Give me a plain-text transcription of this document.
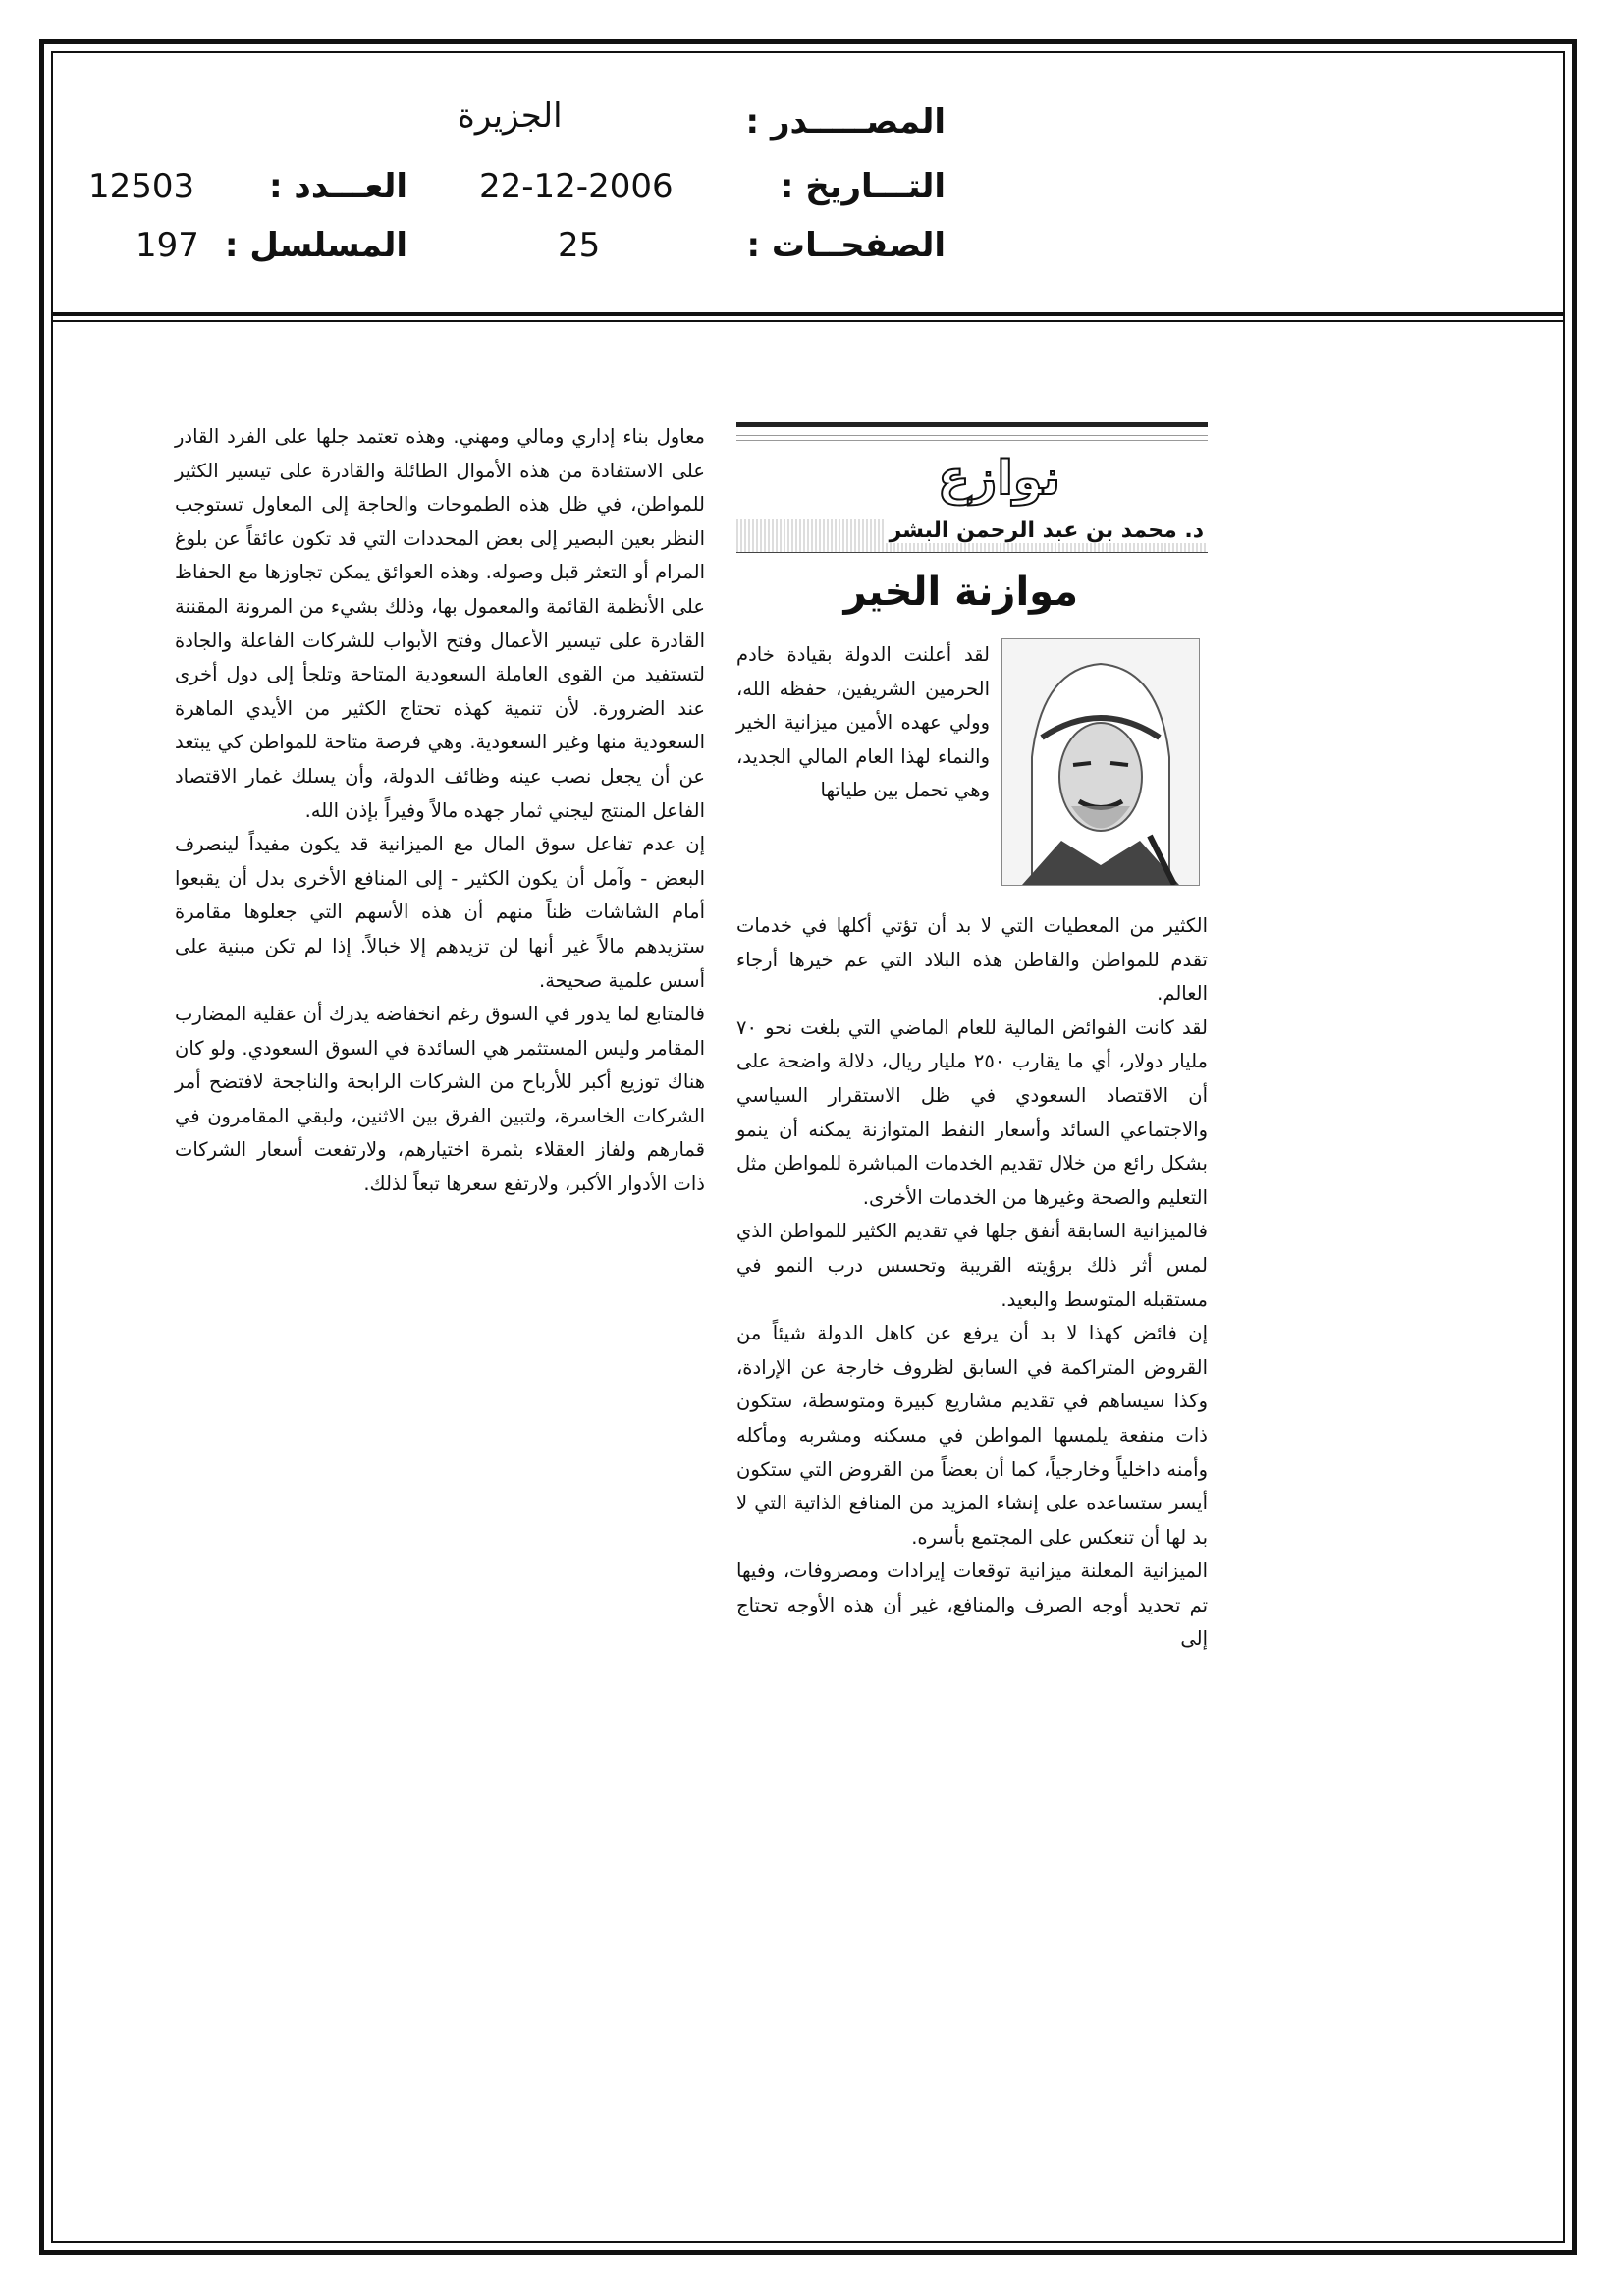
المصـــــدر :
الجزيرة
التـــاريخ :
22-12-2006
العـــدد :
12503
الصفحــات :
25
المسلسل :
197
نوازع
د. محمد بن عبد الرحمن البشر
موازنة الخير

لقد أعلنت الدولة بقيادة خادم الحرمين الشريفين، حفظه الله، وولي عهده الأمين ميزانية الخير والنماء لهذا العام المالي الجديد، وهي تحمل بين طياتها

الكثير من المعطيات التي لا بد أن تؤتي أكلها في خدمات تقدم للمواطن والقاطن هذه البلاد التي عم خيرها أرجاء العالم.

لقد كانت الفوائض المالية للعام الماضي التي بلغت نحو ٧٠ مليار دولار، أي ما يقارب ٢٥٠ مليار ريال، دلالة واضحة على أن الاقتصاد السعودي في ظل الاستقرار السياسي والاجتماعي السائد وأسعار النفط المتوازنة يمكنه أن ينمو بشكل رائع من خلال تقديم الخدمات المباشرة للمواطن مثل التعليم والصحة وغيرها من الخدمات الأخرى.

فالميزانية السابقة أنفق جلها في تقديم الكثير للمواطن الذي لمس أثر ذلك برؤيته القريبة وتحسس درب النمو في مستقبله المتوسط والبعيد.

إن فائض كهذا لا بد أن يرفع عن كاهل الدولة شيئاً من القروض المتراكمة في السابق لظروف خارجة عن الإرادة، وكذا سيساهم في تقديم مشاريع كبيرة ومتوسطة، ستكون ذات منفعة يلمسها المواطن في مسكنه ومشربه ومأكله وأمنه داخلياً وخارجياً، كما أن بعضاً من القروض التي ستكون أيسر ستساعده على إنشاء المزيد من المنافع الذاتية التي لا بد لها أن تنعكس على المجتمع بأسره.

الميزانية المعلنة ميزانية توقعات إيرادات ومصروفات، وفيها تم تحديد أوجه الصرف والمنافع، غير أن هذه الأوجه تحتاج إلى

معاول بناء إداري ومالي ومهني. وهذه تعتمد جلها على الفرد القادر على الاستفادة من هذه الأموال الطائلة والقادرة على تيسير الكثير للمواطن، في ظل هذه الطموحات والحاجة إلى المعاول تستوجب النظر بعين البصير إلى بعض المحددات التي قد تكون عائقاً عن بلوغ المرام أو التعثر قبل وصوله. وهذه العوائق يمكن تجاوزها مع الحفاظ على الأنظمة القائمة والمعمول بها، وذلك بشيء من المرونة المقننة القادرة على تيسير الأعمال وفتح الأبواب للشركات الفاعلة والجادة لتستفيد من القوى العاملة السعودية المتاحة وتلجأ إلى دول أخرى عند الضرورة. لأن تنمية كهذه تحتاج الكثير من الأيدي الماهرة السعودية منها وغير السعودية. وهي فرصة متاحة للمواطن كي يبتعد عن أن يجعل نصب عينه وظائف الدولة، وأن يسلك غمار الاقتصاد الفاعل المنتج ليجني ثمار جهده مالاً وفيراً بإذن الله.

إن عدم تفاعل سوق المال مع الميزانية قد يكون مفيداً لينصرف البعض - وآمل أن يكون الكثير - إلى المنافع الأخرى بدل أن يقبعوا أمام الشاشات ظناً منهم أن هذه الأسهم التي جعلوها مقامرة ستزيدهم مالاً غير أنها لن تزيدهم إلا خبالاً. إذا لم تكن مبنية على أسس علمية صحيحة.

فالمتابع لما يدور في السوق رغم انخفاضه يدرك أن عقلية المضارب المقامر وليس المستثمر هي السائدة في السوق السعودي. ولو كان هناك توزيع أكبر للأرباح من الشركات الرابحة والناجحة لافتضح أمر الشركات الخاسرة، ولتبين الفرق بين الاثنين، ولبقي المقامرون في قمارهم ولفاز العقلاء بثمرة اختيارهم، ولارتفعت أسعار الشركات ذات الأدوار الأكبر، ولارتفع سعرها تبعاً لذلك.
